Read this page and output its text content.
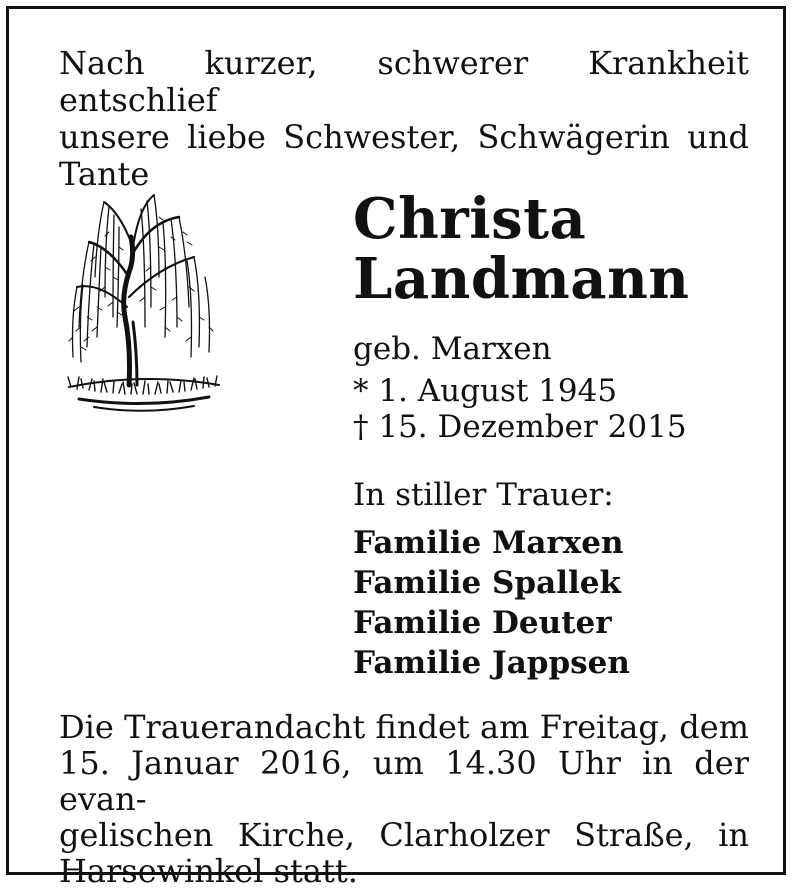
Nach kurzer, schwerer Krankheit entschlief
unsere liebe Schwester, Schwägerin und
Tante
Christa
Landmann
geb. Marxen
* 1. August 1945
† 15. Dezember 2015
In stiller Trauer:
Familie Marxen
Familie Spallek
Familie Deuter
Familie Jappsen
Die Trauerandacht findet am Freitag, dem
15. Januar 2016, um 14.30 Uhr in der evan-
gelischen Kirche, Clarholzer Straße, in
Harsewinkel statt.
